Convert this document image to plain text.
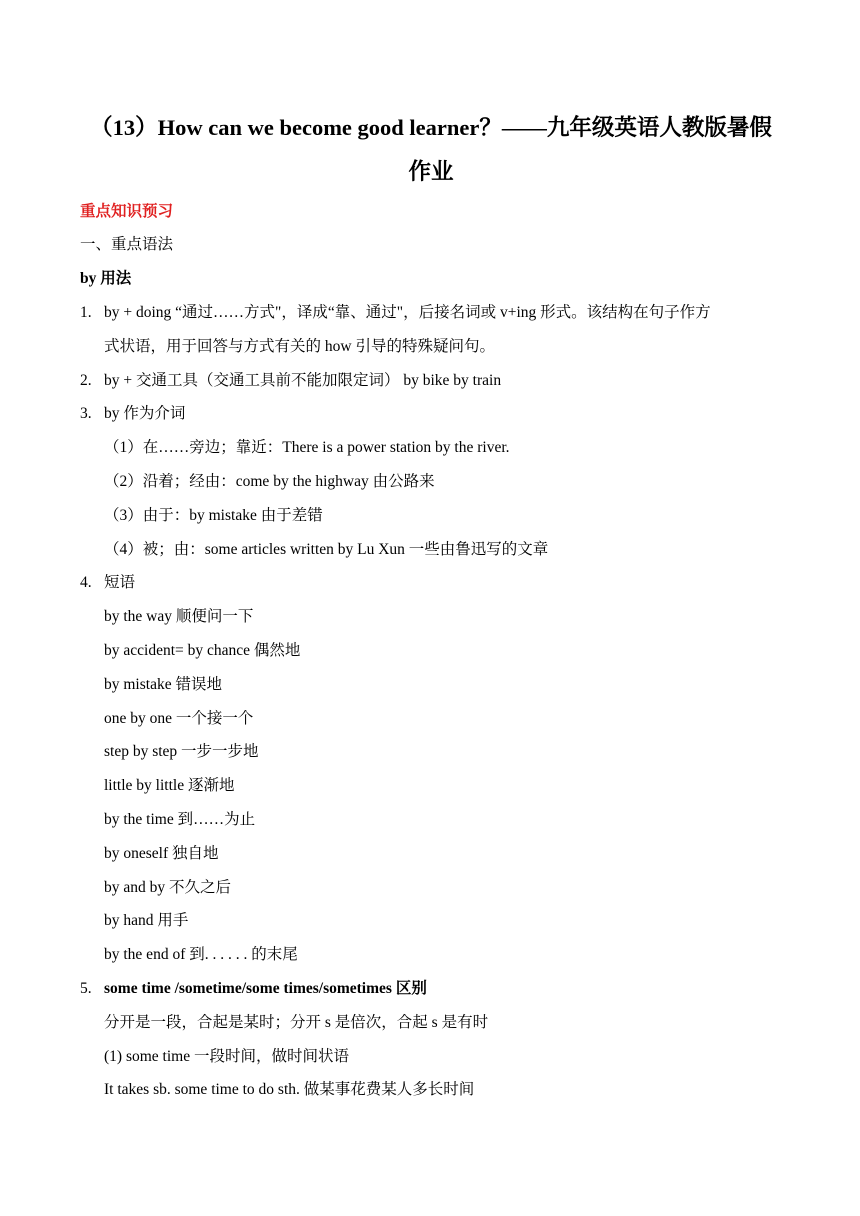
（13）How can we become good learner？——九年级英语人教版暑假
作业
重点知识预习
一、重点语法
by 用法
1. by + doing “通过……方式"，译成“靠、通过"，后接名词或 v+ing 形式。该结构在句子作方
式状语，用于回答与方式有关的 how 引导的特殊疑问句。
2. by + 交通工具（交通工具前不能加限定词） by bike by train
3. by 作为介词
（1）在……旁边；靠近：There is a power station by the river.
（2）沿着；经由：come by the highway 由公路来
（3）由于：by mistake 由于差错
（4）被；由：some articles written by Lu Xun 一些由鲁迅写的文章
4. 短语
by the way 顺便问一下
by accident= by chance 偶然地
by mistake 错误地
one by one 一个接一个
step by step 一步一步地
little by little 逐渐地
by the time 到……为止
by oneself 独自地
by and by 不久之后
by hand 用手
by the end of 到. . . . . . 的末尾
5. some time /sometime/some times/sometimes 区别
分开是一段，合起是某时；分开 s 是倍次，合起 s 是有时
(1) some time 一段时间，做时间状语
It takes sb. some time to do sth. 做某事花费某人多长时间
